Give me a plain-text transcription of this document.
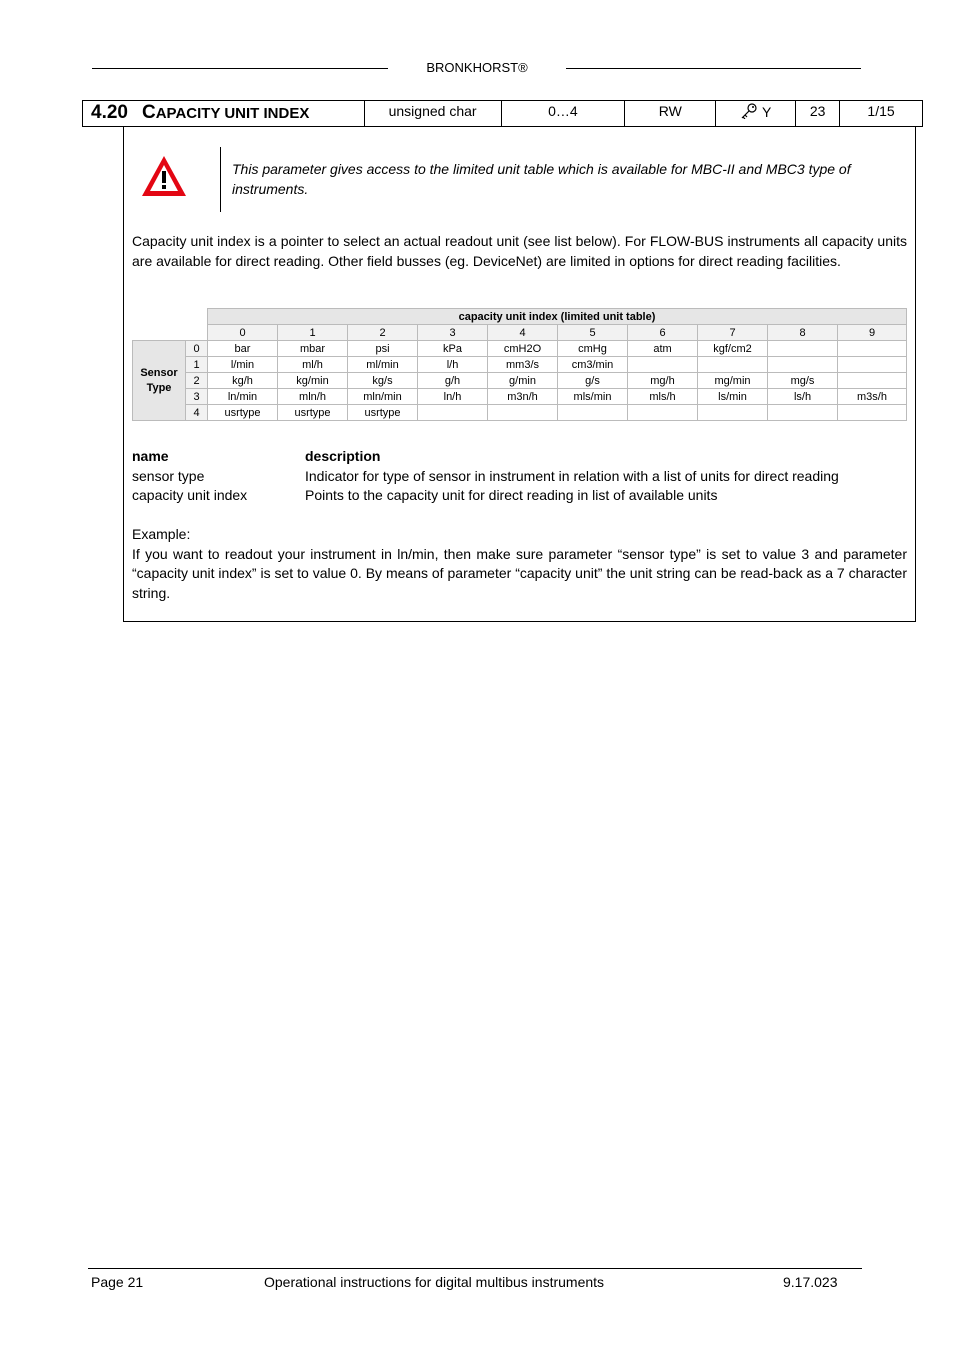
BRONKHORST®
4.20 CAPACITY UNIT INDEX	unsigned char	0…4	RW	Y	23	1/15
This parameter gives access to the limited unit table which is available for MBC-II and MBC3 type of instruments.
Capacity unit index is a pointer to select an actual readout unit (see list below). For FLOW-BUS instruments all capacity units are available for direct reading. Other field busses (eg. DeviceNet) are limited in options for direct reading facilities.
		capacity unit index (limited unit table)									
		0	1	2	3	4	5	6	7	8	9
Sensor
Type	0	bar	mbar	psi	kPa	cmH2O	cmHg	atm	kgf/cm2		
	1	l/min	ml/h	ml/min	l/h	mm3/s	cm3/min				
	2	kg/h	kg/min	kg/s	g/h	g/min	g/s	mg/h	mg/min	mg/s	
	3	ln/min	mln/h	mln/min	ln/h	m3n/h	mls/min	mls/h	ls/min	ls/h	m3s/h
	4	usrtype	usrtype	usrtype							
name	description
sensor type	Indicator for type of sensor in instrument in relation with a list of units for direct reading
capacity unit index	Points to the capacity unit for direct reading in list of available units
Example:
If you want to readout your instrument in ln/min, then make sure parameter “sensor type” is set to value 3 and parameter “capacity unit index” is set to value 0. By means of parameter “capacity unit” the unit string can be read-back as a 7 character string.
Page 21	Operational instructions for digital multibus instruments	9.17.023
